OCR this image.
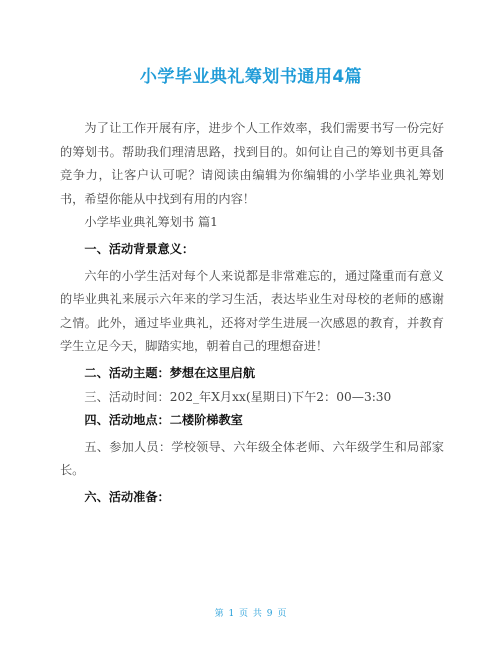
小学毕业典礼筹划书通用4篇

为了让工作开展有序，进步个人工作效率，我们需要书写一份完好的筹划书。帮助我们理清思路，找到目的。如何让自己的筹划书更具备竞争力，让客户认可呢？请阅读由编辑为你编辑的小学毕业典礼筹划书，希望你能从中找到有用的内容！

小学毕业典礼筹划书 篇1

一、活动背景意义：

六年的小学生活对每个人来说都是非常难忘的，通过隆重而有意义的毕业典礼来展示六年来的学习生活，表达毕业生对母校的老师的感谢之情。此外，通过毕业典礼，还将对学生进展一次感恩的教育，并教育学生立足今天，脚踏实地，朝着自己的理想奋进！

二、活动主题：梦想在这里启航

三、活动时间：202_年X月xx(星期日)下午2：00—3:30

四、活动地点：二楼阶梯教室

五、参加人员：学校领导、六年级全体老师、六年级学生和局部家长。

六、活动准备：

第 1 页 共 9 页
